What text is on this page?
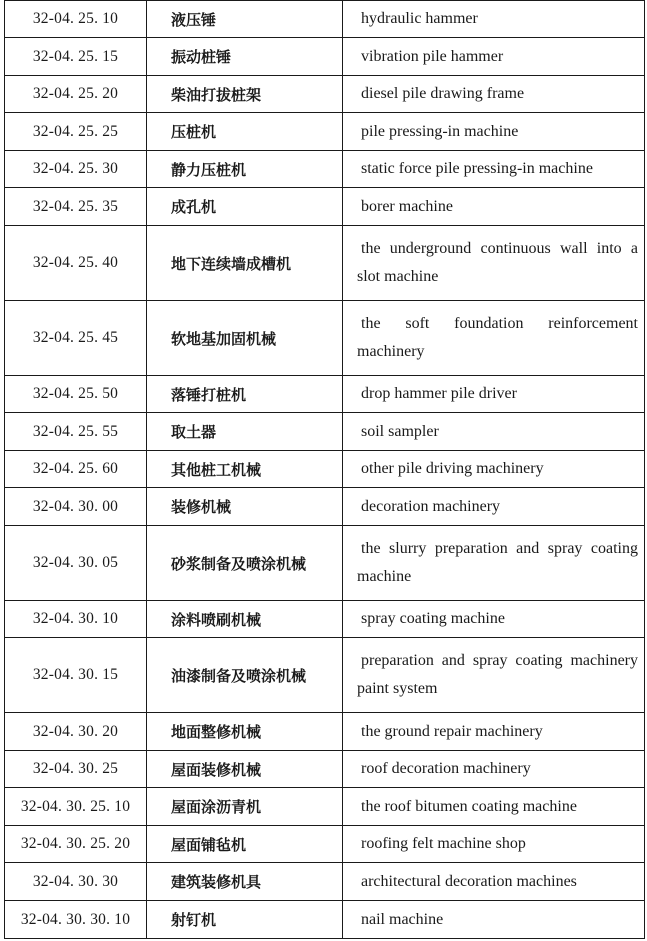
32-04. 25. 10	液压锤	hydraulic hammer

32-04. 25. 15	振动桩锤	vibration pile hammer

32-04. 25. 20	柴油打拔桩架	diesel pile drawing frame

32-04. 25. 25	压桩机	pile pressing-in machine

32-04. 25. 30	静力压桩机	static force pile pressing-in machine

32-04. 25. 35	成孔机	borer machine

32-04. 25. 40	地下连续墙成槽机	the underground continuous wall into a slot machine

32-04. 25. 45	软地基加固机械	the soft foundation reinforcement machinery

32-04. 25. 50	落锤打桩机	drop hammer pile driver

32-04. 25. 55	取土器	soil sampler

32-04. 25. 60	其他桩工机械	other pile driving machinery

32-04. 30. 00	装修机械	decoration machinery

32-04. 30. 05	砂浆制备及喷涂机械	the slurry preparation and spray coating machine

32-04. 30. 10	涂料喷刷机械	spray coating machine

32-04. 30. 15	油漆制备及喷涂机械	preparation and spray coating machinery paint system

32-04. 30. 20	地面整修机械	the ground repair machinery

32-04. 30. 25	屋面装修机械	roof decoration machinery

32-04. 30. 25. 10	屋面涂沥青机	the roof bitumen coating machine

32-04. 30. 25. 20	屋面铺毡机	roofing felt machine shop

32-04. 30. 30	建筑装修机具	architectural decoration machines

32-04. 30. 30. 10	射钉机	nail machine
